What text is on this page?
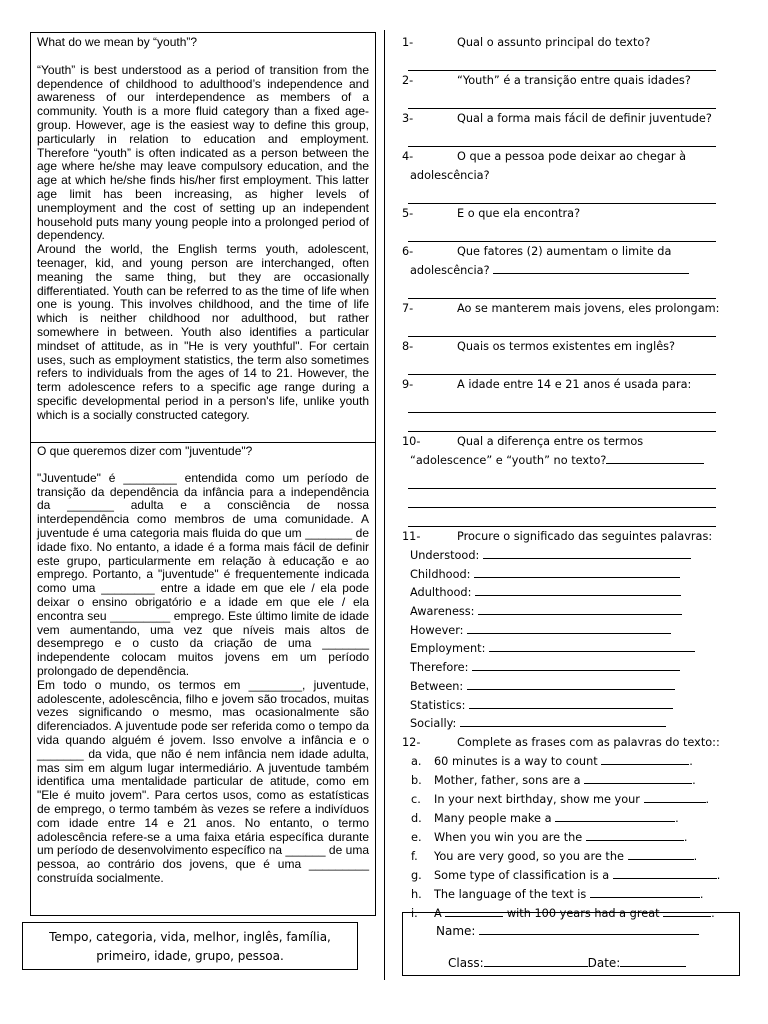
What do we mean by “youth”?

“Youth” is best understood as a period of transition from the dependence of childhood to adulthood’s independence and awareness of our interdependence as members of a community. Youth is a more fluid category than a fixed age-group. However, age is the easiest way to define this group, particularly in relation to education and employment. Therefore “youth” is often indicated as a person between the age where he/she may leave compulsory education, and the age at which he/she finds his/her first employment. This latter age limit has been increasing, as higher levels of unemployment and the cost of setting up an independent household puts many young people into a prolonged period of dependency.

Around the world, the English terms youth, adolescent, teenager, kid, and young person are interchanged, often meaning the same thing, but they are occasionally differentiated. Youth can be referred to as the time of life when one is young. This involves childhood, and the time of life which is neither childhood nor adulthood, but rather somewhere in between. Youth also identifies a particular mindset of attitude, as in "He is very youthful". For certain uses, such as employment statistics, the term also sometimes refers to individuals from the ages of 14 to 21. However, the term adolescence refers to a specific age range during a specific developmental period in a person's life, unlike youth which is a socially constructed category.

O que queremos dizer com "juventude"?

"Juventude" é ________ entendida como um período de transição da dependência da infância para a independência da _______ adulta e a consciência de nossa interdependência como membros de uma comunidade. A juventude é uma categoria mais fluida do que um _______ de idade fixo. No entanto, a idade é a forma mais fácil de definir este grupo, particularmente em relação à educação e ao emprego. Portanto, a "juventude" é frequentemente indicada como uma ________ entre a idade em que ele / ela pode deixar o ensino obrigatório e a idade em que ele / ela encontra seu _________ emprego. Este último limite de idade vem aumentando, uma vez que níveis mais altos de desemprego e o custo da criação de uma _______ independente colocam muitos jovens em um período prolongado de dependência.

Em todo o mundo, os termos em ________, juventude, adolescente, adolescência, filho e jovem são trocados, muitas vezes significando o mesmo, mas ocasionalmente são diferenciados. A juventude pode ser referida como o tempo da vida quando alguém é jovem. Isso envolve a infância e o _______ da vida, que não é nem infância nem idade adulta, mas sim em algum lugar intermediário. A juventude também identifica uma mentalidade particular de atitude, como em "Ele é muito jovem". Para certos usos, como as estatísticas de emprego, o termo também às vezes se refere a indivíduos com idade entre 14 e 21 anos. No entanto, o termo adolescência refere-se a uma faixa etária específica durante um período de desenvolvimento específico na ______ de uma pessoa, ao contrário dos jovens, que é uma _________ construída socialmente.

Tempo, categoria, vida, melhor, inglês, família,
primeiro, idade, grupo, pessoa.
1-	Qual o assunto principal do texto?
2-	“Youth” é a transição entre quais idades?
3-	Qual a forma mais fácil de definir juventude?
4-	O que a pessoa pode deixar ao chegar à
adolescência?
5-	E o que ela encontra?
6-	Que fatores (2) aumentam o limite da
adolescência?
7-	Ao se manterem mais jovens, eles prolongam:
8-	Quais os termos existentes em inglês?
9-	A idade entre 14 e 21 anos é usada para:
10-	Qual a diferença entre os termos
“adolescence” e “youth” no texto?
11-	Procure o significado das seguintes palavras:
Understood:
Childhood:
Adulthood:
Awareness:
However:
Employment:
Therefore:
Between:
Statistics:
Socially:
12-	Complete as frases com as palavras do texto::
a. 60 minutes is a way to count	.
b. Mother, father, sons are a	.
c. In your next birthday, show me your	.
d. Many people make a	.
e. When you win you are the	.
f. You are very good, so you are the	.
g. Some type of classification is a	.
h. The language of the text is	.
i. A	with 100 years had a great	.
Name:
Class:	Date:
